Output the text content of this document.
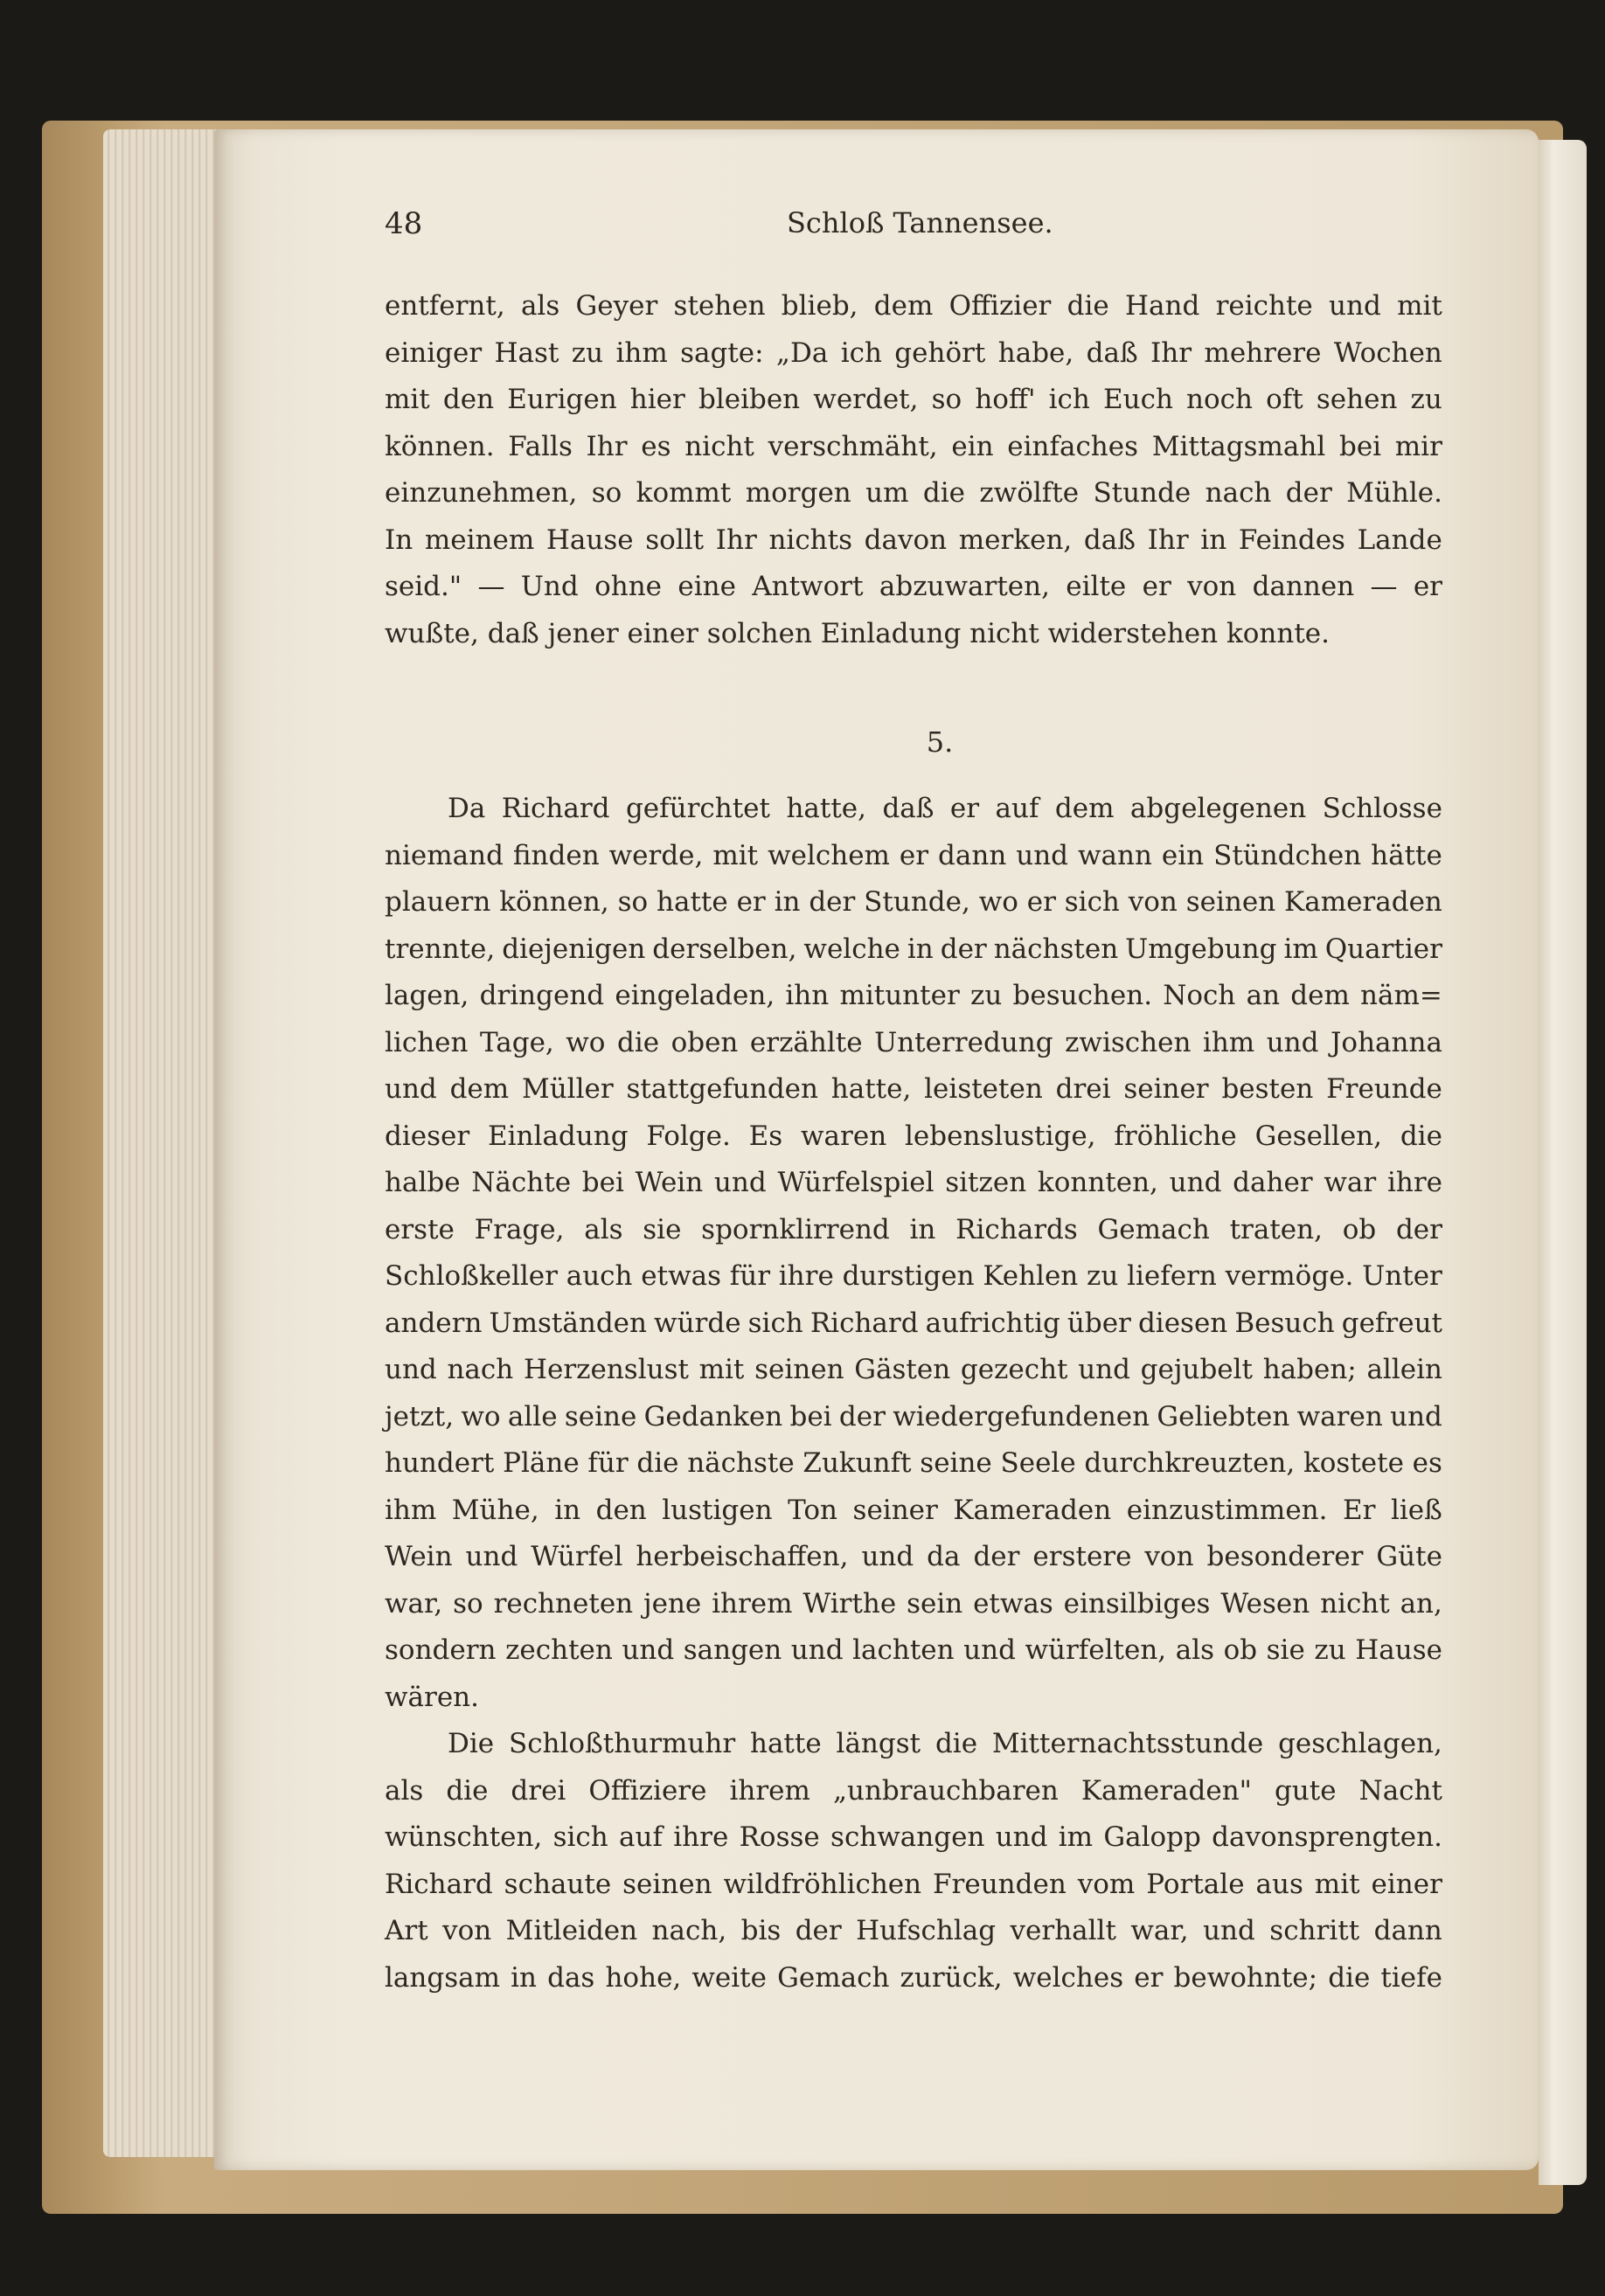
48	Schloß Tannensee.
entfernt, als Geyer stehen blieb, dem Offizier die Hand reichte und mit
einiger Hast zu ihm sagte: „Da ich gehört habe, daß Ihr mehrere Wochen
mit den Eurigen hier bleiben werdet, so hoff' ich Euch noch oft sehen zu
können. Falls Ihr es nicht verschmäht, ein einfaches Mittagsmahl bei mir
einzunehmen, so kommt morgen um die zwölfte Stunde nach der Mühle.
In meinem Hause sollt Ihr nichts davon merken, daß Ihr in Feindes Lande
seid." — Und ohne eine Antwort abzuwarten, eilte er von dannen — er
wußte, daß jener einer solchen Einladung nicht widerstehen konnte.
5.
Da Richard gefürchtet hatte, daß er auf dem abgelegenen Schlosse
niemand finden werde, mit welchem er dann und wann ein Stündchen hätte
plauern können, so hatte er in der Stunde, wo er sich von seinen Kameraden
trennte, diejenigen derselben, welche in der nächsten Umgebung im Quartier
lagen, dringend eingeladen, ihn mitunter zu besuchen. Noch an dem näm=
lichen Tage, wo die oben erzählte Unterredung zwischen ihm und Johanna
und dem Müller stattgefunden hatte, leisteten drei seiner besten Freunde
dieser Einladung Folge. Es waren lebenslustige, fröhliche Gesellen, die
halbe Nächte bei Wein und Würfelspiel sitzen konnten, und daher war ihre
erste Frage, als sie spornklirrend in Richards Gemach traten, ob der
Schloßkeller auch etwas für ihre durstigen Kehlen zu liefern vermöge. Unter
andern Umständen würde sich Richard aufrichtig über diesen Besuch gefreut
und nach Herzenslust mit seinen Gästen gezecht und gejubelt haben; allein
jetzt, wo alle seine Gedanken bei der wiedergefundenen Geliebten waren und
hundert Pläne für die nächste Zukunft seine Seele durchkreuzten, kostete es
ihm Mühe, in den lustigen Ton seiner Kameraden einzustimmen. Er ließ
Wein und Würfel herbeischaffen, und da der erstere von besonderer Güte
war, so rechneten jene ihrem Wirthe sein etwas einsilbiges Wesen nicht an,
sondern zechten und sangen und lachten und würfelten, als ob sie zu Hause
wären.
Die Schloßthurmuhr hatte längst die Mitternachtsstunde geschlagen,
als die drei Offiziere ihrem „unbrauchbaren Kameraden" gute Nacht
wünschten, sich auf ihre Rosse schwangen und im Galopp davonsprengten.
Richard schaute seinen wildfröhlichen Freunden vom Portale aus mit einer
Art von Mitleiden nach, bis der Hufschlag verhallt war, und schritt dann
langsam in das hohe, weite Gemach zurück, welches er bewohnte; die tiefe
